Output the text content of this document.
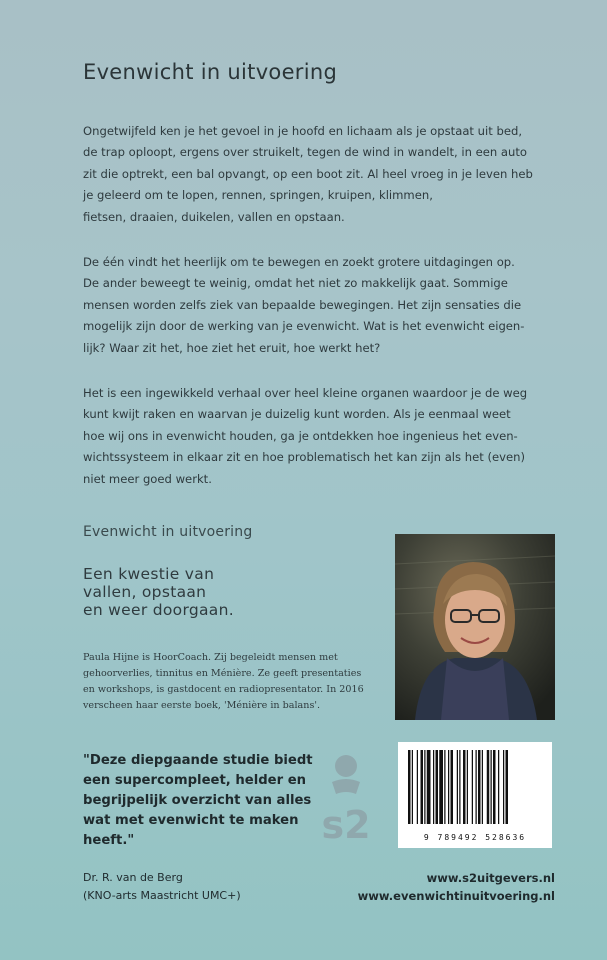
Evenwicht in uitvoering
Ongetwijfeld ken je het gevoel in je hoofd en lichaam als je opstaat uit bed,
de trap oploopt, ergens over struikelt, tegen de wind in wandelt, in een auto
zit die optrekt, een bal opvangt, op een boot zit. Al heel vroeg in je leven heb
je geleerd om te lopen, rennen, springen, kruipen, klimmen,
fietsen, draaien, duikelen, vallen en opstaan.
De één vindt het heerlijk om te bewegen en zoekt grotere uitdagingen op.
De ander beweegt te weinig, omdat het niet zo makkelijk gaat. Sommige
mensen worden zelfs ziek van bepaalde bewegingen. Het zijn sensaties die
mogelijk zijn door de werking van je evenwicht. Wat is het evenwicht eigen-
lijk? Waar zit het, hoe ziet het eruit, hoe werkt het?
Het is een ingewikkeld verhaal over heel kleine organen waardoor je de weg
kunt kwijt raken en waarvan je duizelig kunt worden. Als je eenmaal weet
hoe wij ons in evenwicht houden, ga je ontdekken hoe ingenieus het even-
wichtssysteem in elkaar zit en hoe problematisch het kan zijn als het (even)
niet meer goed werkt.
Evenwicht in uitvoering
Een kwestie van
vallen, opstaan
en weer doorgaan.
Paula Hijne is HoorCoach. Zij begeleidt mensen met
gehoorverlies, tinnitus en Ménière. Ze geeft presentaties
en workshops, is gastdocent en radiopresentator. In 2016
verscheen haar eerste boek, 'Ménière in balans'.
"Deze diepgaande studie biedt
een supercompleet, helder en
begrijpelijk overzicht van alles
wat met evenwicht te maken
heeft."	s2	9 789492 528636
Dr. R. van de Berg
(KNO-arts Maastricht UMC+)
www.s2uitgevers.nl
www.evenwichtinuitvoering.nl
